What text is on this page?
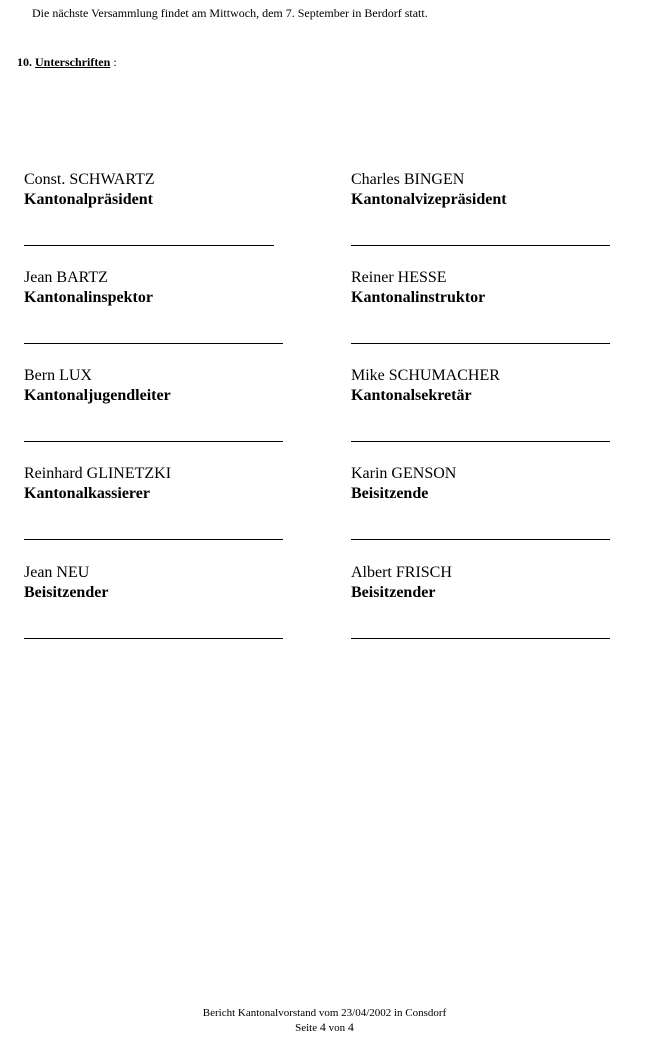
Die nächste Versammlung findet am Mittwoch, dem 7. September in Berdorf statt.
10. Unterschriften :
Const. SCHWARTZ
Kantonalpräsident
Charles BINGEN
Kantonalvizepräsident
Jean BARTZ
Kantonalinspektor
Reiner HESSE
Kantonalinstruktor
Bern LUX
Kantonaljugendleiter
Mike SCHUMACHER
Kantonalsekretär
Reinhard GLINETZKI
Kantonalkassierer
Karin GENSON
Beisitzende
Jean NEU
Beisitzender
Albert FRISCH
Beisitzender
Bericht Kantonalvorstand vom 23/04/2002 in Consdorf
Seite 4 von 4
